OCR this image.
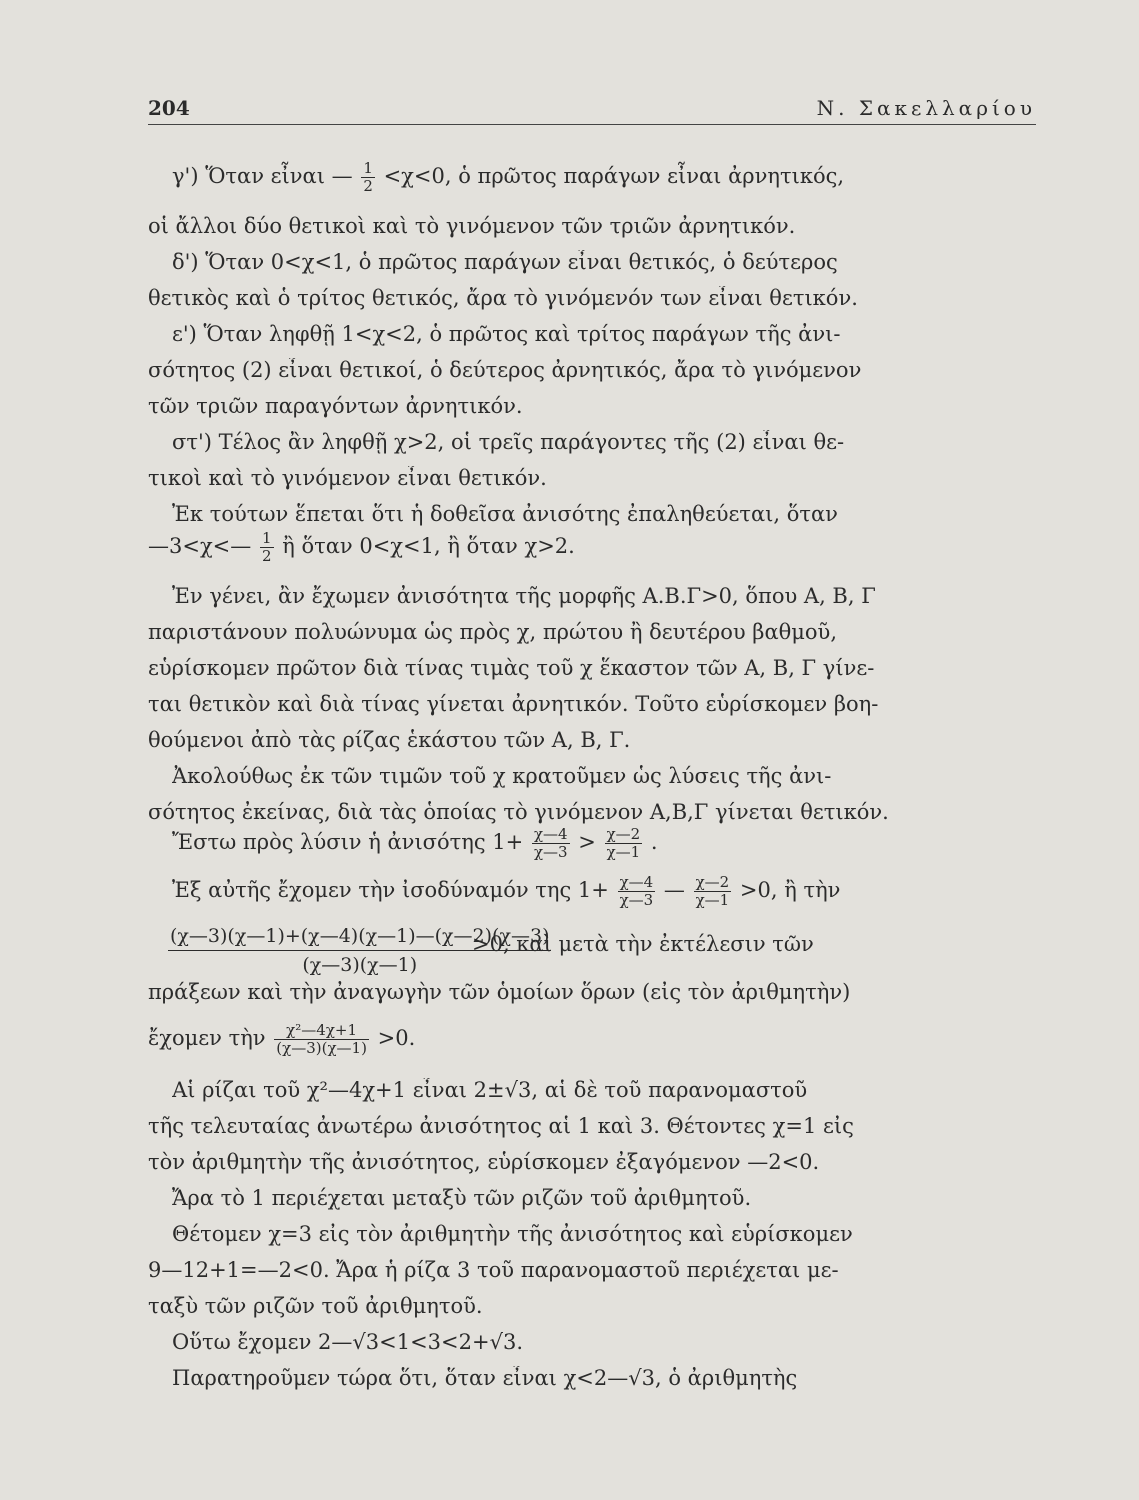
204	Ν. Σακελλαρίου
γ') Ὅταν εἶναι — $\frac{1}{2} <\chi<0$, ὁ πρῶτος παράγων εἶναι ἀρνητικός,
οἱ ἄλλοι δύο θετικοὶ καὶ τὸ γινόμενον τῶν τριῶν ἀρνητικόν.
δ') Ὅταν 0<χ<1, ὁ πρῶτος παράγων εἶναι θετικός, ὁ δεύτερος
θετικὸς καὶ ὁ τρίτος θετικός, ἄρα τὸ γινόμενόν των εἶναι θετικόν.
ε') Ὅταν ληφθῇ 1<χ<2, ὁ πρῶτος καὶ τρίτος παράγων τῆς ἀνι-
σότητος (2) εἶναι θετικοί, ὁ δεύτερος ἀρνητικός, ἄρα τὸ γινόμενον
τῶν τριῶν παραγόντων ἀρνητικόν.
στ') Τέλος ἂν ληφθῇ χ>2, οἱ τρεῖς παράγοντες τῆς (2) εἶναι θε-
τικοὶ καὶ τὸ γινόμενον εἶναι θετικόν.
Ἐκ τούτων ἕπεται ὅτι ἡ δοθεῖσα ἀνισότης ἐπαληθεύεται, ὅταν
—3<χ<— $\frac{1}{2}$ ἢ ὅταν 0<χ<1, ἢ ὅταν χ>2.
Ἐν γένει, ἂν ἔχωμεν ἀνισότητα τῆς μορφῆς Α.Β.Γ>0, ὅπου Α, Β, Γ
παριστάνουν πολυώνυμα ὡς πρὸς χ, πρώτου ἢ δευτέρου βαθμοῦ,
εὑρίσκομεν πρῶτον διὰ τίνας τιμὰς τοῦ χ ἕκαστον τῶν Α, Β, Γ γίνε-
ται θετικὸν καὶ διὰ τίνας γίνεται ἀρνητικόν. Τοῦτο εὑρίσκομεν βοη-
θούμενοι ἀπὸ τὰς ρίζας ἑκάστου τῶν Α, Β, Γ.
Ἀκολούθως ἐκ τῶν τιμῶν τοῦ χ κρατοῦμεν ὡς λύσεις τῆς ἀνι-
σότητος ἐκείνας, διὰ τὰς ὁποίας τὸ γινόμενον Α,Β,Γ γίνεται θετικόν.
Ἔστω πρὸς λύσιν ἡ ἀνισότης $1+ \frac{\chi—4}{\chi—3} > \frac{\chi—2}{\chi—1}$ .
Ἐξ αὐτῆς ἔχομεν τὴν ἰσοδύναμόν της $1+ \frac{\chi—4}{\chi—3}$ — $\frac{\chi—2}{\chi—1} >0$, ἢ τὴν
$\frac{(\chi—3)(\chi—1)+(\chi—4)(\chi—1)—(\chi—2)(\chi—3)}{(\chi—3)(\chi—1)}$
>0, καὶ μετὰ τὴν ἐκτέλεσιν τῶν
πράξεων καὶ τὴν ἀναγωγὴν τῶν ὁμοίων ὅρων (εἰς τὸν ἀριθμητὴν)
ἔχομεν τὴν $\frac{\text{χ²—4χ+1}}{(\chi—3)(\chi—1)} >0$.
Αἱ ρίζαι τοῦ χ²—4χ+1 εἶναι 2±√3, αἱ δὲ τοῦ παρανομαστοῦ
τῆς τελευταίας ἀνωτέρω ἀνισότητος αἱ 1 καὶ 3. Θέτοντες χ=1 εἰς
τὸν ἀριθμητὴν τῆς ἀνισότητος, εὑρίσκομεν ἐξαγόμενον —2<0.
Ἄρα τὸ 1 περιέχεται μεταξὺ τῶν ριζῶν τοῦ ἀριθμητοῦ.
Θέτομεν χ=3 εἰς τὸν ἀριθμητὴν τῆς ἀνισότητος καὶ εὑρίσκομεν
9—12+1=—2<0. Ἄρα ἡ ρίζα 3 τοῦ παρανομαστοῦ περιέχεται με-
ταξὺ τῶν ριζῶν τοῦ ἀριθμητοῦ.
Οὕτω ἔχομεν 2—√3<1<3<2+√3.
Παρατηροῦμεν τώρα ὅτι, ὅταν εἶναι χ<2—√3, ὁ ἀριθμητὴς
